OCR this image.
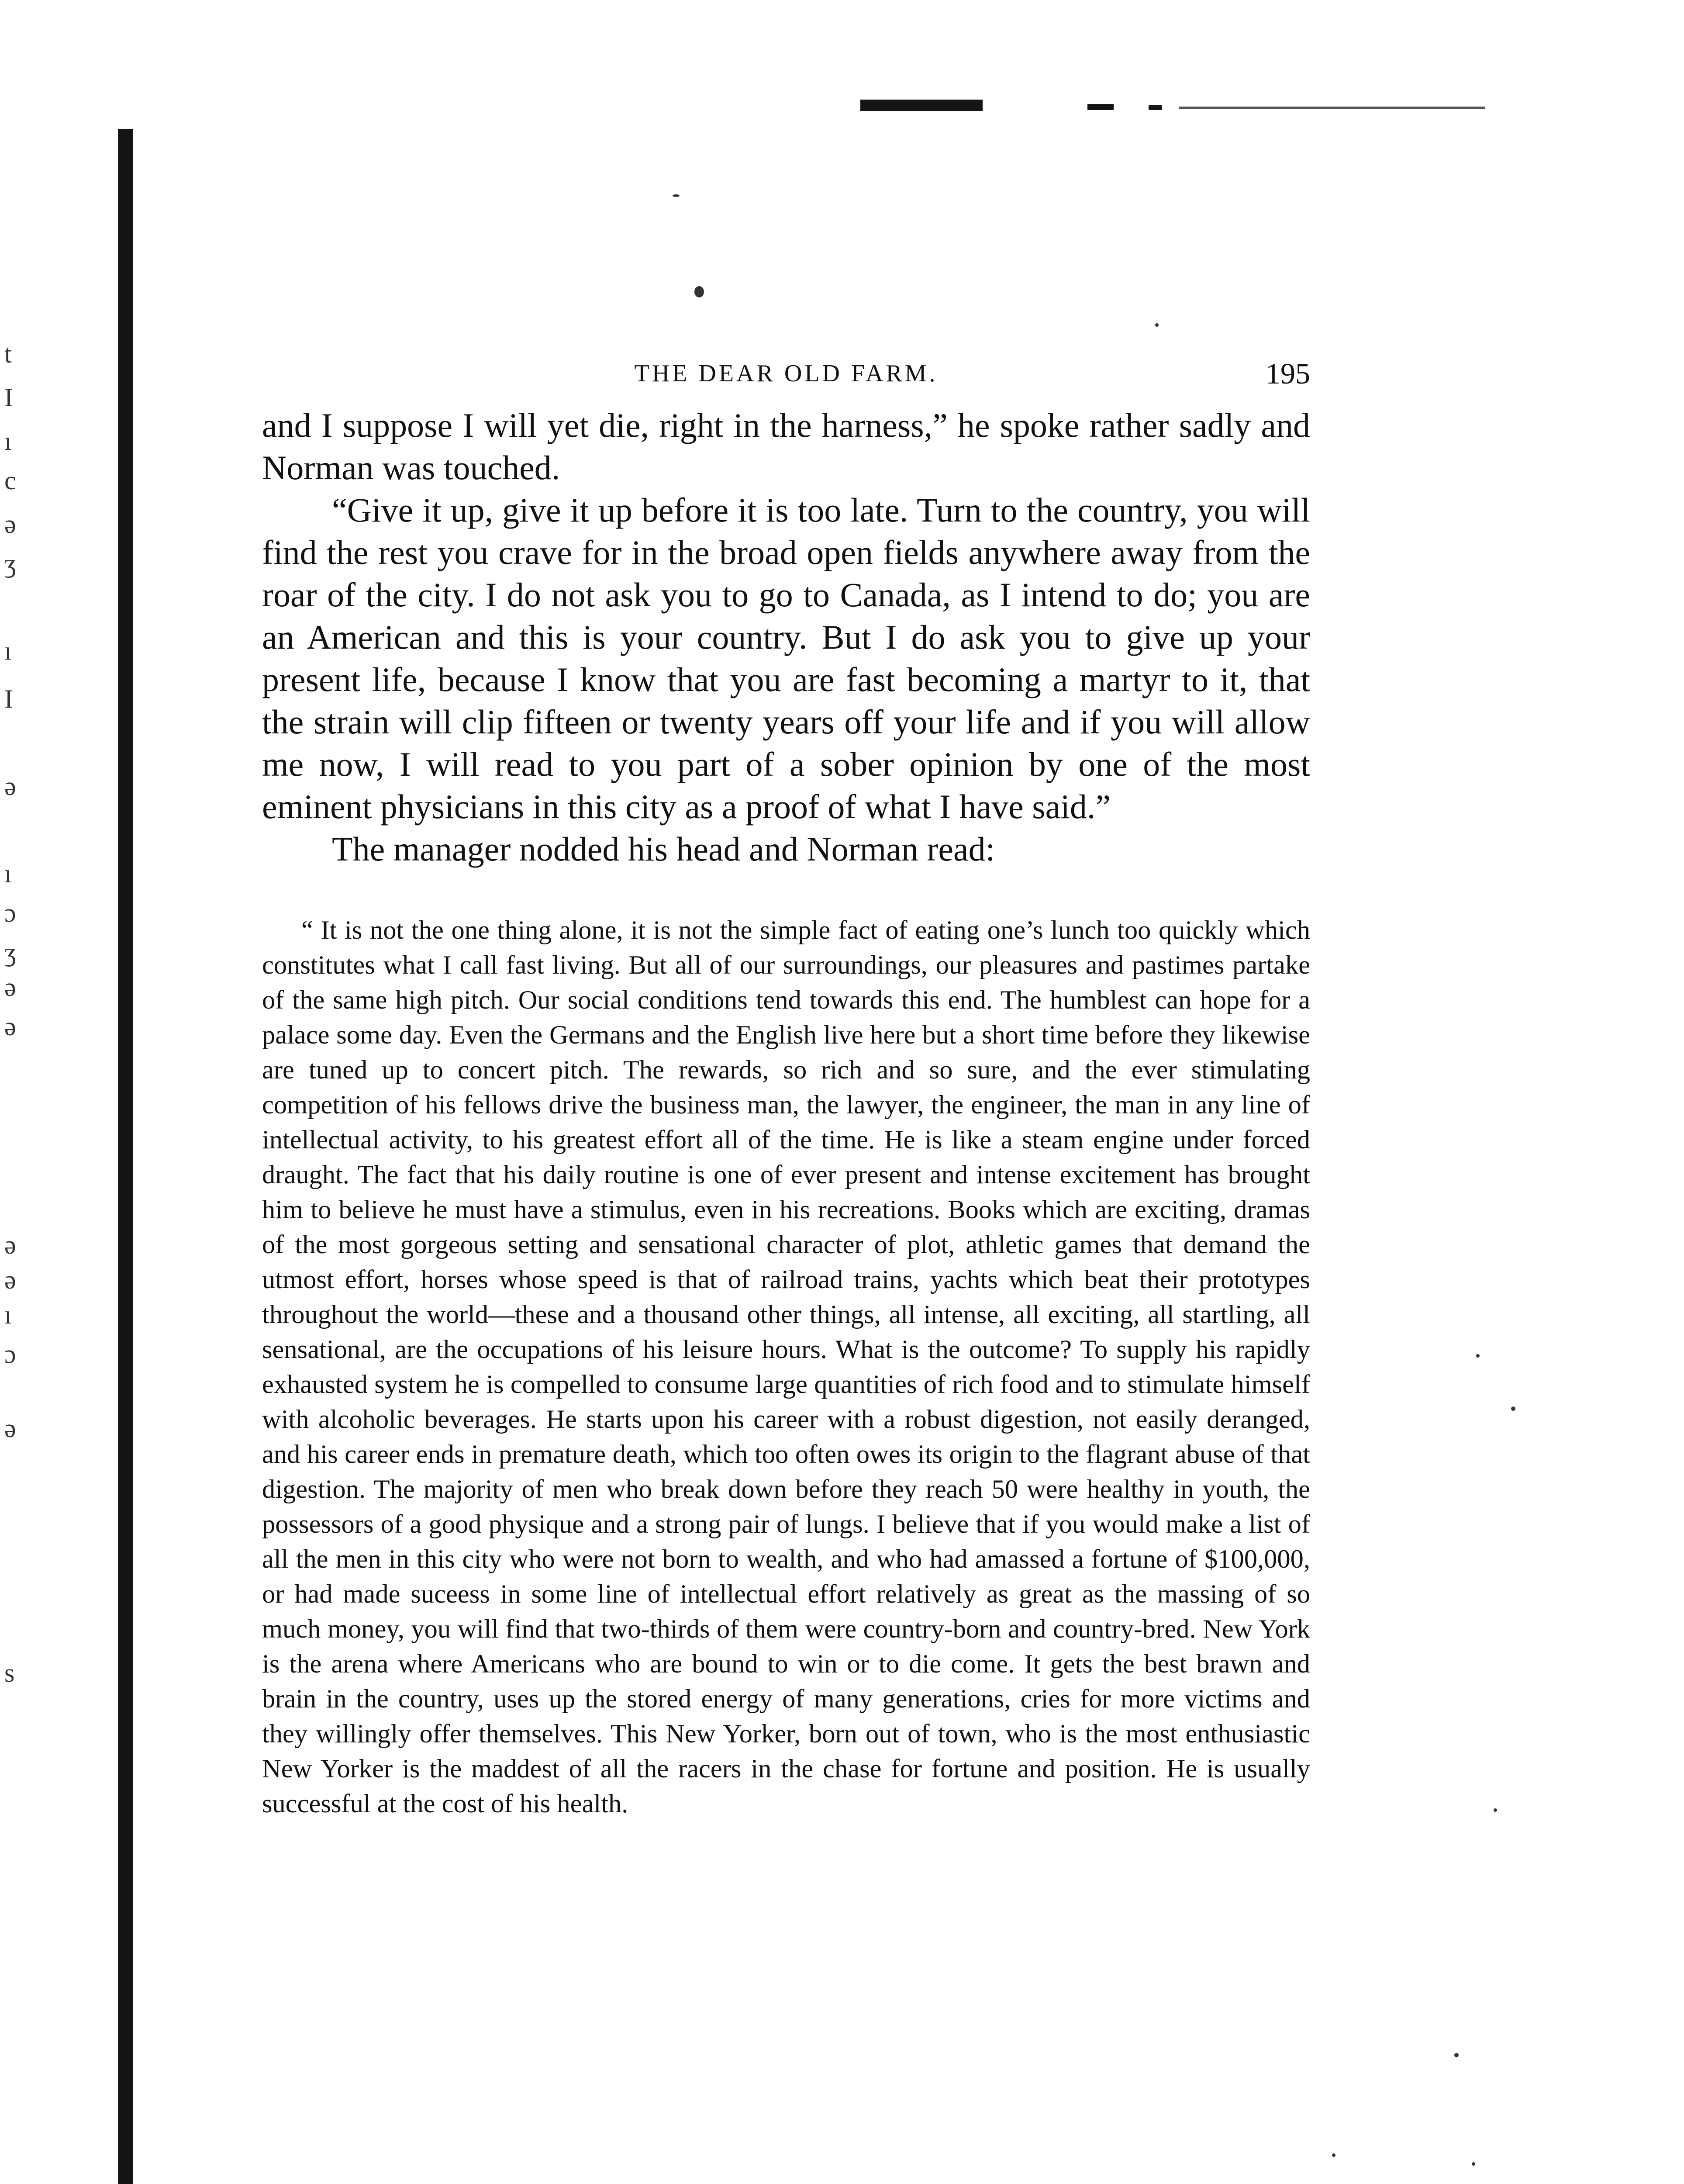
t
I
ı
c
ə
ʒ
ı
I
ə
ı
ɔ
ʒ
ə
ə
ə
ə
ı
ɔ
ə
s
THE DEAR OLD FARM.	195

and I suppose I will yet die, right in the harness,” he spoke rather sadly and Norman was touched.

“Give it up, give it up before it is too late. Turn to the country, you will find the rest you crave for in the broad open fields anywhere away from the roar of the city. I do not ask you to go to Canada, as I intend to do; you are an American and this is your country. But I do ask you to give up your present life, because I know that you are fast becoming a martyr to it, that the strain will clip fifteen or twenty years off your life and if you will allow me now, I will read to you part of a sober opinion by one of the most eminent physicians in this city as a proof of what I have said.”

The manager nodded his head and Norman read:

“ It is not the one thing alone, it is not the simple fact of eating one’s lunch too quickly which constitutes what I call fast living. But all of our surroundings, our pleasures and pastimes partake of the same high pitch. Our social conditions tend towards this end. The humblest can hope for a palace some day. Even the Germans and the English live here but a short time before they likewise are tuned up to concert pitch. The rewards, so rich and so sure, and the ever stimulating competition of his fellows drive the business man, the lawyer, the engineer, the man in any line of intellectual activity, to his greatest effort all of the time. He is like a steam engine under forced draught. The fact that his daily routine is one of ever present and intense excitement has brought him to believe he must have a stimulus, even in his recreations. Books which are exciting, dramas of the most gorgeous setting and sensational character of plot, athletic games that demand the utmost effort, horses whose speed is that of railroad trains, yachts which beat their prototypes throughout the world—these and a thousand other things, all intense, all exciting, all startling, all sensational, are the occupations of his leisure hours. What is the outcome? To supply his rapidly exhausted system he is compelled to consume large quantities of rich food and to stimulate himself with alcoholic beverages. He starts upon his career with a robust digestion, not easily deranged, and his career ends in premature death, which too often owes its origin to the flagrant abuse of that digestion. The majority of men who break down before they reach 50 were healthy in youth, the possessors of a good physique and a strong pair of lungs. I believe that if you would make a list of all the men in this city who were not born to wealth, and who had amassed a fortune of $100,000, or had made suceess in some line of intellectual effort relatively as great as the massing of so much money, you will find that two-thirds of them were country-born and country-bred. New York is the arena where Americans who are bound to win or to die come. It gets the best brawn and brain in the country, uses up the stored energy of many generations, cries for more victims and they willingly offer themselves. This New Yorker, born out of town, who is the most enthusiastic New Yorker is the maddest of all the racers in the chase for fortune and position. He is usually successful at the cost of his health.
